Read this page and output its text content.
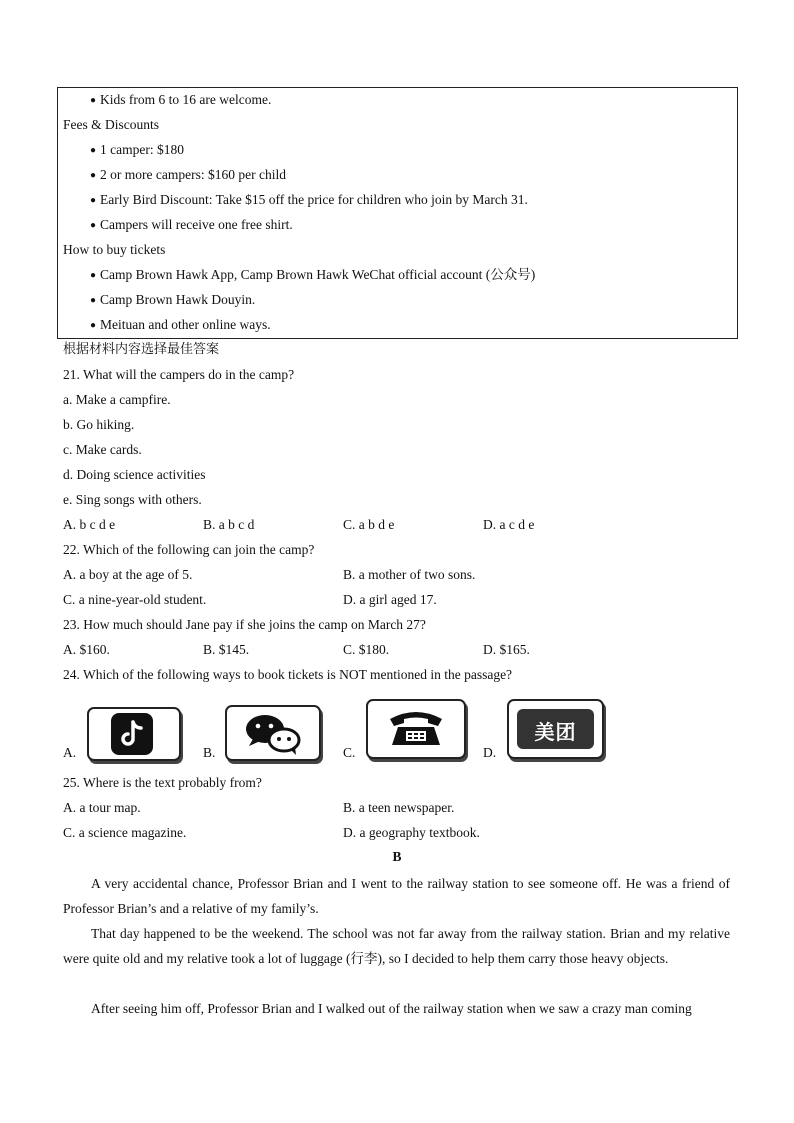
● Kids from 6 to 16 are welcome.
Fees & Discounts
● 1 camper: $180
● 2 or more campers: $160 per child
● Early Bird Discount: Take $15 off the price for children who join by March 31.
● Campers will receive one free shirt.
How to buy tickets
● Camp Brown Hawk App, Camp Brown Hawk WeChat official account (公众号)
● Camp Brown Hawk Douyin.
● Meituan and other online ways.
根据材料内容选择最佳答案
21. What will the campers do in the camp?
a. Make a campfire.
b. Go hiking.
c. Make cards.
d. Doing science activities
e. Sing songs with others.
A. b c d e	B. a b c d	C. a b d e	D. a c d e
22. Which of the following can join the camp?
A. a boy at the age of 5.	B. a mother of two sons.
C. a nine-year-old student.	D. a girl aged 17.
23. How much should Jane pay if she joins the camp on March 27?
A. $160.	B. $145.	C. $180.	D. $165.
24. Which of the following ways to book tickets is NOT mentioned in the passage?
A.	B.	C.	D.
美团
25. Where is the text probably from?
A. a tour map.	B. a teen newspaper.
C. a science magazine.	D. a geography textbook.
B
A very accidental chance, Professor Brian and I went to the railway station to see someone off. He was a friend of Professor Brian’s and a relative of my family’s.
That day happened to be the weekend. The school was not far away from the railway station. Brian and my relative were quite old and my relative took a lot of luggage (行李), so I decided to help them carry those heavy objects.
After seeing him off, Professor Brian and I walked out of the railway station when we saw a crazy man coming
